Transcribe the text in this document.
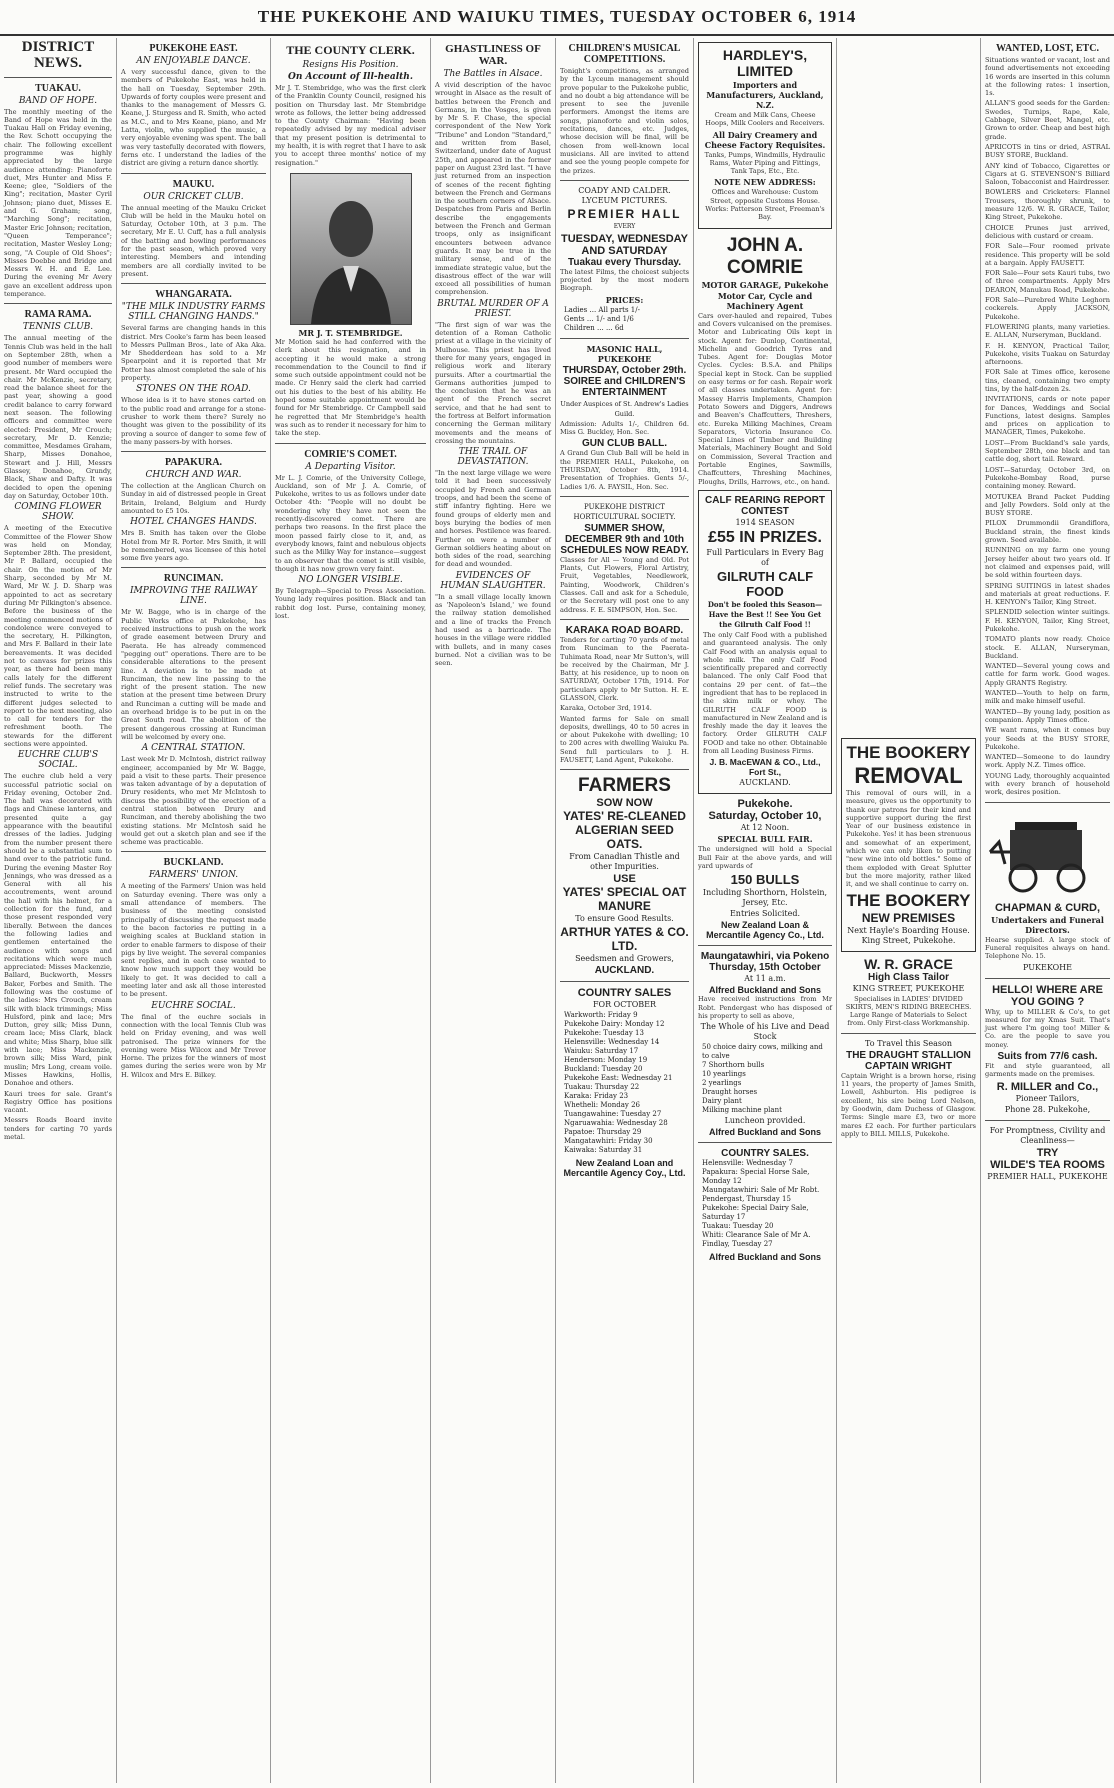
THE PUKEKOHE AND WAIUKU TIMES, TUESDAY OCTOBER 6, 1914
DISTRICT NEWS.
TUAKAU.
BAND OF HOPE.

The monthly meeting of the Band of Hope was held in the Tuakau Hall on Friday evening, the Rev. Schott occupying the chair. The following excellent programme was highly appreciated by the large audience attending: Pianoforte duet, Mrs Hunter and Miss F. Keene; glee, "Soldiers of the King"; recitation, Master Cyril Johnson; piano duet, Misses E. and G. Graham; song, "Marching Song"; recitation, Master Eric Johnson; recitation, "Queen Temperance"; recitation, Master Wesley Long; song, "A Couple of Old Shoes"; Misses Doebbe and Bridge and Messrs W. H. and E. Lee. During the evening Mr Avery gave an excellent address upon temperance.

RAMA RAMA.
TENNIS CLUB.

The annual meeting of the Tennis Club was held in the hall on September 28th, when a good number of members were present. Mr Ward occupied the chair. Mr McKenzie, secretary, read the balance sheet for the past year, showing a good credit balance to carry forward next season. The following officers and committee were elected: President, Mr Crouch; secretary, Mr D. Kenzie; committee, Mesdames Graham, Sharp, Misses Donahoe, Stewart and J. Hill, Messrs Glassey, Donahoe, Grundy, Black, Shaw and Dafty. It was decided to open the opening day on Saturday, October 10th.

COMING FLOWER SHOW.

A meeting of the Executive Committee of the Flower Show was held on Monday, September 28th. The president, Mr P. Ballard, occupied the chair. On the motion of Mr Sharp, seconded by Mr M. Ward, Mr W. J. D. Sharp was appointed to act as secretary during Mr Pilkington's absence. Before the business of the meeting commenced motions of condolence were conveyed to the secretary, H. Pilkington, and Mrs F. Ballard in their late bereavements. It was decided not to canvass for prizes this year, as there had been many calls lately for the different relief funds. The secretary was instructed to write to the different judges selected to report to the next meeting, also to call for tenders for the refreshment booth. The stewards for the different sections were appointed.

EUCHRE CLUB'S SOCIAL.

The euchre club held a very successful patriotic social on Friday evening, October 2nd. The hall was decorated with flags and Chinese lanterns, and presented quite a gay appearance with the beautiful dresses of the ladies. Judging from the number present there should be a substantial sum to hand over to the patriotic fund. During the evening Master Roy Jennings, who was dressed as a General with all his accoutrements, went around the hall with his helmet, for a collection for the fund, and those present responded very liberally. Between the dances the following ladies and gentlemen entertained the audience with songs and recitations which were much appreciated: Misses Mackenzie, Ballard, Buckworth, Messrs Baker, Forbes and Smith. The following was the costume of the ladies: Mrs Crouch, cream silk with black trimmings; Miss Hulsford, pink and lace; Mrs Dutton, grey silk; Miss Dunn, cream lace; Miss Clark, black and white; Miss Sharp, blue silk with lace; Miss Mackenzie, brown silk; Miss Ward, pink muslin; Mrs Long, cream voile. Misses Hawkins, Hollis, Donahoe and others.

Kauri trees for sale. Grant's Registry Office has positions vacant.

Messrs Roads Board invite tenders for carting 70 yards metal.

PUKEKOHE EAST.
AN ENJOYABLE DANCE.

A very successful dance, given to the members of Pukekohe East, was held in the hall on Tuesday, September 29th. Upwards of forty couples were present and thanks to the management of Messrs G. Keane, J. Sturgess and R. Smith, who acted as M.C., and to Mrs Keane, piano, and Mr Latta, violin, who supplied the music, a very enjoyable evening was spent. The ball was very tastefully decorated with flowers, ferns etc. I understand the ladies of the district are giving a return dance shortly.

MAUKU.
OUR CRICKET CLUB.

The annual meeting of the Mauku Cricket Club will be held in the Mauku hotel on Saturday, October 10th, at 3 p.m. The secretary, Mr E. U. Cuff, has a full analysis of the batting and bowling performances for the past season, which proved very interesting. Members and intending members are all cordially invited to be present.

WHANGARATA.
"THE MILK INDUSTRY FARMS STILL CHANGING HANDS."

Several farms are changing hands in this district. Mrs Cooke's farm has been leased to Messrs Pullman Bros., late of Aka Aka. Mr Shedderdean has sold to a Mr Spearpoint and it is reported that Mr Potter has almost completed the sale of his property.

STONES ON THE ROAD.

Whose idea is it to have stones carted on to the public road and arrange for a stone-crusher to work them there? Surely no thought was given to the possibility of its proving a source of danger to some few of the many passers-by with horses.

PAPAKURA.
CHURCH AND WAR.

The collection at the Anglican Church on Sunday in aid of distressed people in Great Britain, Ireland, Belgium and Hurdy amounted to £5 10s.

HOTEL CHANGES HANDS.

Mrs B. Smith has taken over the Globe Hotel from Mr R. Porter. Mrs Smith, it will be remembered, was licensee of this hotel some five years ago.

RUNCIMAN.
IMPROVING THE RAILWAY LINE.

Mr W. Bagge, who is in charge of the Public Works office at Pukekohe, has received instructions to push on the work of grade easement between Drury and Paerata. He has already commenced "pegging out" operations. There are to be considerable alterations to the present line. A deviation is to be made at Runciman, the new line passing to the right of the present station. The new station at the present time between Drury and Runciman a cutting will be made and an overhead bridge is to be put in on the Great South road. The abolition of the present dangerous crossing at Runciman will be welcomed by every one.

A CENTRAL STATION.

Last week Mr D. McIntosh, district railway engineer, accompanied by Mr W. Bagge, paid a visit to these parts. Their presence was taken advantage of by a deputation of Drury residents, who met Mr McIntosh to discuss the possibility of the erection of a central station between Drury and Runciman, and thereby abolishing the two existing stations. Mr McIntosh said he would get out a sketch plan and see if the scheme was practicable.

BUCKLAND.
FARMERS' UNION.

A meeting of the Farmers' Union was held on Saturday evening. There was only a small attendance of members. The business of the meeting consisted principally of discussing the request made to the bacon factories re putting in a weighing scales at Buckland station in order to enable farmers to dispose of their pigs by live weight. The several companies sent replies, and in each case wanted to know how much support they would be likely to get. It was decided to call a meeting later and ask all those interested to be present.

EUCHRE SOCIAL.

The final of the euchre socials in connection with the local Tennis Club was held on Friday evening, and was well patronised. The prize winners for the evening were Miss Wilcox and Mr Trevor Horne. The prizes for the winners of most games during the series were won by Mr H. Wilcox and Mrs E. Bilkey.

THE COUNTY CLERK.
Resigns His Position.
On Account of Ill-health.

Mr J. T. Stembridge, who was the first clerk of the Franklin County Council, resigned his position on Thursday last. Mr Stembridge wrote as follows, the letter being addressed to the County Chairman: "Having been repeatedly advised by my medical adviser that my present position is detrimental to my health, it is with regret that I have to ask you to accept three months' notice of my resignation."

MR J. T. STEMBRIDGE.

Mr Motion said he had conferred with the clerk about this resignation, and in accepting it he would make a strong recommendation to the Council to find if some such outside appointment could not be made. Cr Henry said the clerk had carried out his duties to the best of his ability. He hoped some suitable appointment would be found for Mr Stembridge. Cr Campbell said he regretted that Mr Stembridge's health was such as to render it necessary for him to take the step.

COMRIE'S COMET.
A Departing Visitor.

Mr L. J. Comrie, of the University College, Auckland, son of Mr J. A. Comrie, of Pukekohe, writes to us as follows under date October 4th: "People will no doubt be wondering why they have not seen the recently-discovered comet. There are perhaps two reasons. In the first place the moon passed fairly close to it, and, as everybody knows, faint and nebulous objects such as the Milky Way for instance—suggest to an observer that the comet is still visible, though it has now grown very faint.

NO LONGER VISIBLE.

By Telegraph—Special to Press Association. Young lady requires position. Black and tan rabbit dog lost. Purse, containing money, lost.

GHASTLINESS OF WAR.
The Battles in Alsace.

A vivid description of the havoc wrought in Alsace as the result of battles between the French and Germans, in the Vosges, is given by Mr S. F. Chase, the special correspondent of the New York "Tribune" and London "Standard," and written from Basel, Switzerland, under date of August 25th, and appeared in the former paper on August 23rd last. "I have just returned from an inspection of scenes of the recent fighting between the French and Germans in the southern corners of Alsace. Despatches from Paris and Berlin describe the engagements between the French and German troops, only as insignificant encounters between advance guards. It may be true in the military sense, and of the immediate strategic value, but the disastrous effect of the war will exceed all possibilities of human comprehension.

BRUTAL MURDER OF A PRIEST.

"The first sign of war was the detention of a Roman Catholic priest at a village in the vicinity of Mulhouse. This priest has lived there for many years, engaged in religious work and literary pursuits. After a courtmartial the Germans authorities jumped to the conclusion that he was an agent of the French secret service, and that he had sent to the fortress at Belfort information concerning the German military movements and the means of crossing the mountains.

THE TRAIL OF DEVASTATION.

"In the next large village we were told it had been successively occupied by French and German troops, and had been the scene of stiff infantry fighting. Here we found groups of elderly men and boys burying the bodies of men and horses. Pestilence was feared. Further on were a number of German soldiers heating about on both sides of the road, searching for dead and wounded.

EVIDENCES OF HUMAN SLAUGHTER.

"In a small village locally known as 'Napoleon's Island,' we found the railway station demolished and a line of tracks the French had used as a barricade. The houses in the village were riddled with bullets, and in many cases burned. Not a civilian was to be seen.

CHILDREN'S MUSICAL COMPETITIONS.

Tonight's competitions, as arranged by the Lyceum management should prove popular to the Pukekohe public, and no doubt a big attendance will be present to see the juvenile performers. Amongst the items are songs, pianoforte and violin solos, recitations, dances, etc. Judges, whose decision will be final, will be chosen from well-known local musicians. All are invited to attend and see the young people compete for the prizes.

COADY AND CALDER. LYCEUM PICTURES.
PREMIER HALL
EVERY
TUESDAY, WEDNESDAY AND SATURDAY
Tuakau every Thursday.

The latest Films, the choicest subjects projected by the most modern Biograph.

PRICES:
Ladies ... All parts 1/-
Gents ... 1/- and 1/6
Children ... ... 6d
MASONIC HALL, PUKEKOHE
THURSDAY, October 29th.
SOIREE and CHILDREN'S ENTERTAINMENT
Under Auspices of St. Andrew's Ladies Guild.

Admission: Adults 1/-, Children 6d. Miss G. Buckley, Hon. Sec.

GUN CLUB BALL.

A Grand Gun Club Ball will be held in the PREMIER HALL, Pukekohe, on THURSDAY, October 8th, 1914. Presentation of Trophies. Gents 5/-, Ladies 1/6. A. FAYSIL, Hon. Sec.

PUKEKOHE DISTRICT HORTICULTURAL SOCIETY.
SUMMER SHOW, DECEMBER 9th and 10th
SCHEDULES NOW READY.

Classes for All — Young and Old. Pot Plants, Cut Flowers, Floral Artistry, Fruit, Vegetables, Needlework, Painting, Woodwork, Children's Classes. Call and ask for a Schedule, or the Secretary will post one to any address. F. E. SIMPSON, Hon. Sec.

KARAKA ROAD BOARD.

Tenders for carting 70 yards of metal from Runciman to the Paerata-Tuhimata Road, near Mr Sutton's, will be received by the Chairman, Mr J. Batty, at his residence, up to noon on SATURDAY, October 17th, 1914. For particulars apply to Mr Sutton. H. E. GLASSON, Clerk.

Karaka, October 3rd, 1914.

Wanted farms for Sale on small deposits, dwellings, 40 to 50 acres in or about Pukekohe with dwelling; 10 to 200 acres with dwelling Waiuku Pa. Send full particulars to J. H. FAUSETT, Land Agent, Pukekohe.

FARMERS
SOW NOW
YATES' RE-CLEANED ALGERIAN SEED OATS.
From Canadian Thistle and other Impurities.
USE
YATES' SPECIAL OAT MANURE
To ensure Good Results.
ARTHUR YATES & CO. LTD.
Seedsmen and Growers,
AUCKLAND.
COUNTRY SALES
FOR OCTOBER
Warkworth: Friday 9
Pukekohe Dairy: Monday 12
Pukekohe: Tuesday 13
Helensville: Wednesday 14
Waiuku: Saturday 17
Henderson: Monday 19
Buckland: Tuesday 20
Pukekohe East: Wednesday 21
Tuakau: Thursday 22
Karaka: Friday 23
Whetheli: Monday 26
Tuangawahine: Tuesday 27
Ngaruawahia: Wednesday 28
Papatoe: Thursday 29
Mangatawhiri: Friday 30
Kaiwaka: Saturday 31
New Zealand Loan and Mercantile Agency Coy., Ltd.
HARDLEY'S, LIMITED
Importers and Manufacturers, Auckland, N.Z.

Cream and Milk Cans, Cheese Hoops, Milk Coolers and Receivers.

All Dairy Creamery and Cheese Factory Requisites.

Tanks, Pumps, Windmills, Hydraulic Rams, Water Piping and Fittings, Tank Taps, Etc., Etc.

NOTE NEW ADDRESS:

Offices and Warehouse: Custom Street, opposite Customs House. Works: Patterson Street, Freeman's Bay.

JOHN A. COMRIE
MOTOR GARAGE, Pukekohe
Motor Car, Cycle and Machinery Agent

Cars over-hauled and repaired, Tubes and Covers vulcanised on the premises. Motor and Lubricating Oils kept in stock. Agent for: Dunlop, Continental, Michelin and Goodrich Tyres and Tubes. Agent for: Douglas Motor Cycles. Cycles: B.S.A. and Philips Special kept in Stock. Can be supplied on easy terms or for cash. Repair work of all classes undertaken. Agent for: Massey Harris Implements, Champion Potato Sowers and Diggers, Andrews and Beaven's Chaffcutters, Threshers, etc. Eureka Milking Machines, Cream Separators, Victoria Insurance Co. Special Lines of Timber and Building Materials, Machinery Bought and Sold on Commission, Several Traction and Portable Engines, Sawmills, Chaffcutters, Threshing Machines, Ploughs, Drills, Harrows, etc., on hand.

CALF REARING REPORT CONTEST
1914 SEASON
£55 IN PRIZES.
Full Particulars in Every Bag of
GILRUTH CALF FOOD
Don't be fooled this Season—Have the Best !! See You Get the Gilruth Calf Food !!

The only Calf Food with a published and guaranteed analysis. The only Calf Food with an analysis equal to whole milk. The only Calf Food scientifically prepared and correctly balanced. The only Calf Food that contains 29 per cent. of fat—the ingredient that has to be replaced in the skim milk or whey. The GILRUTH CALF FOOD is manufactured in New Zealand and is freshly made the day it leaves the factory. Order GILRUTH CALF FOOD and take no other. Obtainable from all Leading Business Firms.

J. B. MacEWAN & CO., Ltd., Fort St.,
AUCKLAND.
Pukekohe.
Saturday, October 10,
At 12 Noon.
SPECIAL BULL FAIR.

The undersigned will hold a Special Bull Fair at the above yards, and will yard upwards of

150 BULLS
Including Shorthorn, Holstein, Jersey, Etc.
Entries Solicited.
New Zealand Loan & Mercantile Agency Co., Ltd.
Maungatawhiri, via Pokeno
Thursday, 15th October
At 11 a.m.
Alfred Buckland and Sons

Have received instructions from Mr Robt. Pendergast who has disposed of his property to sell as above,

The Whole of his Live and Dead Stock
50 choice dairy cows, milking and to calve
7 Shorthorn bulls
10 yearlings
2 yearlings
Draught horses
Dairy plant
Milking machine plant
Luncheon provided.
Alfred Buckland and Sons
COUNTRY SALES.
Helensville: Wednesday 7
Papakura: Special Horse Sale, Monday 12
Maungatawhiri: Sale of Mr Robt. Pendergast, Thursday 15
Pukekohe: Special Dairy Sale, Saturday 17
Tuakau: Tuesday 20
Whiti: Clearance Sale of Mr A. Findlay, Tuesday 27
Alfred Buckland and Sons
THE BOOKERY
REMOVAL

This removal of ours will, in a measure, gives us the opportunity to thank our patrons for their kind and supportive support during the first Year of our business existence in Pukekohe. Yes! it has been strenuous and somewhat of an experiment, which we can only liken to putting "new wine into old bottles." Some of them exploded with Great Splutter but the more majority, rather liked it, and we shall continue to carry on.

THE BOOKERY
NEW PREMISES
Next Hayle's Boarding House. King Street, Pukekohe.
W. R. GRACE
High Class Tailor
KING STREET, PUKEKOHE

Specialises in LADIES' DIVIDED SKIRTS, MEN'S RIDING BREECHES. Large Range of Materials to Select from. Only First-class Workmanship.

To Travel this Season
THE DRAUGHT STALLION
CAPTAIN WRIGHT

Captain Wright is a brown horse, rising 11 years, the property of James Smith, Lowell, Ashburton. His pedigree is excellent, his sire being Lord Nelson, by Goodwin, dam Duchess of Glasgow. Terms: Single mare £3, two or more mares £2 each. For further particulars apply to BILL MILLS, Pukekohe.

WANTED, LOST, ETC.

Situations wanted or vacant, lost and found advertisements not exceeding 16 words are inserted in this column at the following rates: 1 insertion, 1s.

ALLAN'S good seeds for the Garden: Swedes, Turnips, Rape, Kale, Cabbage, Silver Beet, Mangel, etc. Grown to order. Cheap and best high grade.
APRICOTS in tins or dried, ASTRAL BUSY STORE, Buckland.
ANY kind of Tobacco, Cigarettes or Cigars at G. STEVENSON'S Billiard Saloon, Tobacconist and Hairdresser.
BOWLERS and Cricketers: Flannel Trousers, thoroughly shrunk, to measure 12/6. W. R. GRACE, Tailor, King Street, Pukekohe.
CHOICE Prunes just arrived, delicious with custard or cream.
FOR Sale—Four roomed private residence. This property will be sold at a bargain. Apply FAUSETT.
FOR Sale—Four sets Kauri tubs, two of three compartments. Apply Mrs DEARON, Manukau Road, Pukekohe.
FOR Sale—Purebred White Leghorn cockerels. Apply JACKSON, Pukekohe.
FLOWERING plants, many varieties. E. ALLAN, Nurseryman, Buckland.
F. H. KENYON, Practical Tailor, Pukekohe, visits Tuakau on Saturday afternoons.
FOR Sale at Times office, kerosene tins, cleaned, containing two empty tins, by the half-dozen 2s.
INVITATIONS, cards or note paper for Dances, Weddings and Social Functions, latest designs. Samples and prices on application to MANAGER, Times, Pukekohe.
LOST—From Buckland's sale yards, September 28th, one black and tan cattle dog, short tail. Reward.
LOST—Saturday, October 3rd, on Pukekohe-Bombay Road, purse containing money. Reward.
MOTUKEA Brand Packet Pudding and Jelly Powders. Sold only at the BUSY STORE.
PILOX Drummondii Grandiflora, Buckland strain, the finest kinds grown. Seed available.
RUNNING on my farm one young Jersey heifer about two years old. If not claimed and expenses paid, will be sold within fourteen days.
SPRING SUITINGS in latest shades and materials at great reductions. F. H. KENYON's Tailor, King Street.
SPLENDID selection winter suitings. F. H. KENYON, Tailor, King Street, Pukekohe.
TOMATO plants now ready. Choice stock. E. ALLAN, Nurseryman, Buckland.
WANTED—Several young cows and cattle for farm work. Good wages. Apply GRANTS Registry.
WANTED—Youth to help on farm, milk and make himself useful.
WANTED—By young lady, position as companion. Apply Times office.
WE want rams, when it comes buy your Seeds at the BUSY STORE, Pukekohe.
WANTED—Someone to do laundry work. Apply N.Z. Times office.
YOUNG Lady, thoroughly acquainted with every branch of household work, desires position.
CHAPMAN & CURD,
Undertakers and Funeral Directors.

Hearse supplied. A large stock of Funeral requisites always on hand. Telephone No. 15.

PUKEKOHE
HELLO! WHERE ARE YOU GOING ?

Why, up to MILLER & Co's, to get measured for my Xmas Suit. That's just where I'm going too! Miller & Co. are the people to save you money.

Suits from 77/6 cash.

Fit and style guaranteed, all garments made on the premises.

R. MILLER and Co.,
Pioneer Tailors,
Phone 28. Pukekohe,
For Promptness, Civility and Cleanliness—
TRY
WILDE'S TEA ROOMS
PREMIER HALL, PUKEKOHE
